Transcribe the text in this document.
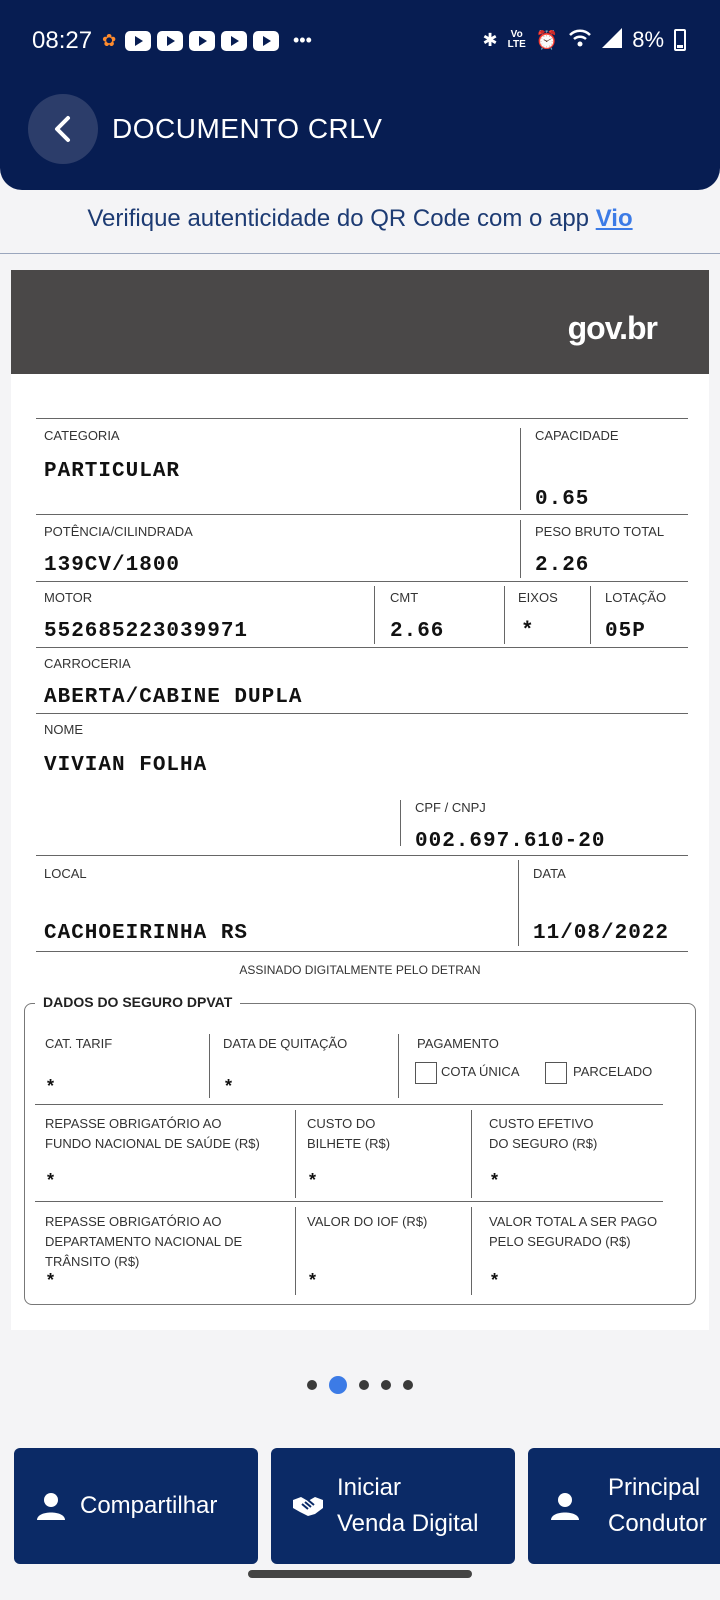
08:27 ✿	•••	✱	Vo
LTE ⏰	8%
DOCUMENTO CRLV
Verifique autenticidade do QR Code com o app Vio
gov.br
CATEGORIA
PARTICULAR
CAPACIDADE
0.65
POTÊNCIA/CILINDRADA
139CV/1800
PESO BRUTO TOTAL
2.26
MOTOR
552685223039971
CMT
2.66
EIXOS
*
LOTAÇÃO
05P
CARROCERIA
ABERTA/CABINE DUPLA
NOME
VIVIAN FOLHA
CPF / CNPJ
002.697.610-20
LOCAL
CACHOEIRINHA RS
DATA
11/08/2022
ASSINADO DIGITALMENTE PELO DETRAN
DADOS DO SEGURO DPVAT
CAT. TARIF
*
DATA DE QUITAÇÃO
*
PAGAMENTO
COTA ÚNICA	PARCELADO
REPASSE OBRIGATÓRIO AO
FUNDO NACIONAL DE SAÚDE (R$)
*
CUSTO DO
BILHETE (R$)
*
CUSTO EFETIVO
DO SEGURO (R$)
*
REPASSE OBRIGATÓRIO AO
DEPARTAMENTO NACIONAL DE
TRÂNSITO (R$)
*
VALOR DO IOF (R$)
*
VALOR TOTAL A SER PAGO
PELO SEGURADO (R$)
*
Compartilhar
Iniciar
Venda Digital
Principal
Condutor
